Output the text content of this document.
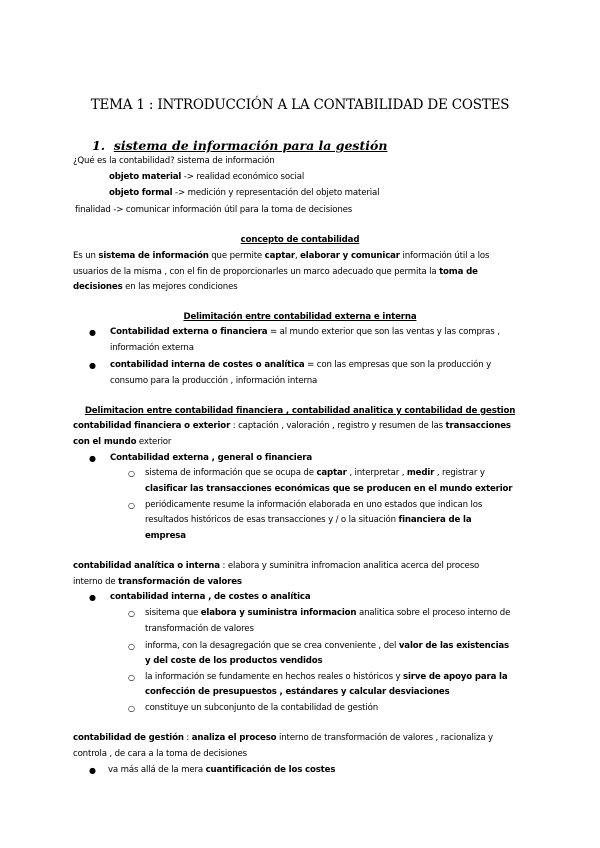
TEMA 1 : INTRODUCCIÓN A LA CONTABILIDAD DE COSTES
1. sistema de información para la gestión
¿Qué es la contabilidad? sistema de información
objeto material -> realidad económico social
objeto formal -> medición y representación del objeto material
finalidad -> comunicar información útil para la toma de decisiones
concepto de contabilidad
Es un sistema de información que permite captar, elaborar y comunicar información útil a los
usuarios de la misma , con el fin de proporcionarles un marco adecuado que permita la toma de
decisiones en las mejores condiciones
Delimitación entre contabilidad externa e interna
● Contabilidad externa o financiera = al mundo exterior que son las ventas y las compras ,
información externa
● contabilidad interna de costes o analítica = con las empresas que son la producción y
consumo para la producción , información interna
Delimitacion entre contabilidad financiera , contabilidad analitica y contabilidad de gestion
contabilidad financiera o exterior : captación , valoración , registro y resumen de las transacciones
con el mundo exterior
● Contabilidad externa , general o financiera
○ sistema de información que se ocupa de captar , interpretar , medir , registrar y
clasificar las transacciones económicas que se producen en el mundo exterior
○ periódicamente resume la información elaborada en uno estados que indican los
resultados históricos de esas transacciones y / o la situación financiera de la
empresa
contabilidad analítica o interna : elabora y suminitra infromacion analitica acerca del proceso
interno de transformación de valores
● contabilidad interna , de costes o analítica
○ sisitema que elabora y suministra informacion analitica sobre el proceso interno de
transformación de valores
○ informa, con la desagregación que se crea conveniente , del valor de las existencias
y del coste de los productos vendidos
○ la información se fundamente en hechos reales o históricos y sirve de apoyo para la
confección de presupuestos , estándares y calcular desviaciones
○ constituye un subconjunto de la contabilidad de gestión
contabilidad de gestión : analiza el proceso interno de transformación de valores , racionaliza y
controla , de cara a la toma de decisiones
● va más allá de la mera cuantificación de los costes
